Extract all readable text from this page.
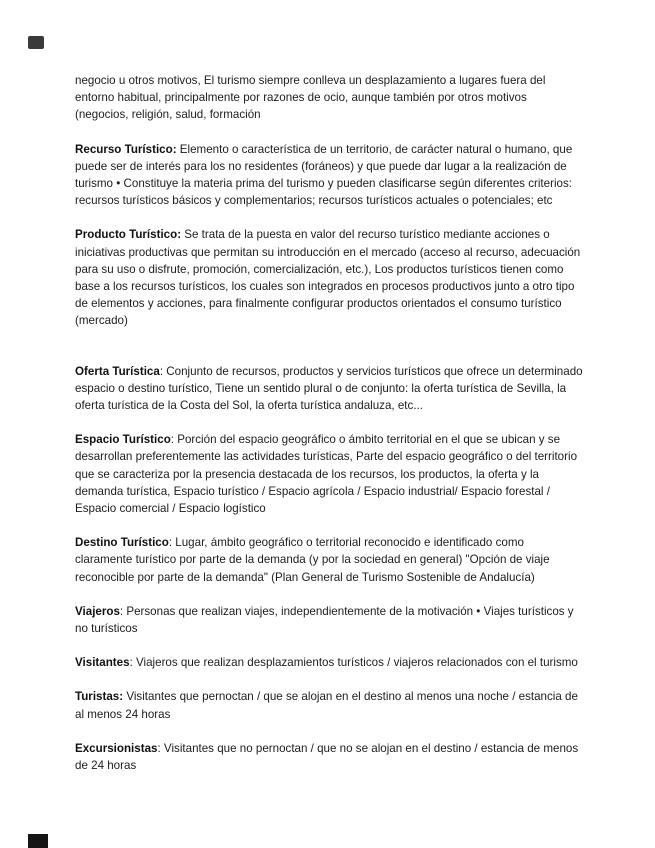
negocio u otros motivos, El turismo siempre conlleva un desplazamiento a lugares fuera del entorno habitual, principalmente por razones de ocio, aunque también por otros motivos (negocios, religión, salud, formación

Recurso Turístico: Elemento o característica de un territorio, de carácter natural o humano, que puede ser de interés para los no residentes (foráneos) y que puede dar lugar a la realización de turismo • Constituye la materia prima del turismo y pueden clasificarse según diferentes criterios: recursos turísticos básicos y complementarios; recursos turísticos actuales o potenciales; etc

Producto Turístico: Se trata de la puesta en valor del recurso turístico mediante acciones o iniciativas productivas que permitan su introducción en el mercado (acceso al recurso, adecuación para su uso o disfrute, promoción, comercialización, etc.), Los productos turísticos tienen como base a los recursos turísticos, los cuales son integrados en procesos productivos junto a otro tipo de elementos y acciones, para finalmente configurar productos orientados el consumo turístico (mercado)

Oferta Turística: Conjunto de recursos, productos y servicios turísticos que ofrece un determinado espacio o destino turístico, Tiene un sentido plural o de conjunto: la oferta turística de Sevilla, la oferta turística de la Costa del Sol, la oferta turística andaluza, etc...

Espacio Turístico: Porción del espacio geográfico o ámbito territorial en el que se ubican y se desarrollan preferentemente las actividades turísticas, Parte del espacio geográfico o del territorio que se caracteriza por la presencia destacada de los recursos, los productos, la oferta y la demanda turística, Espacio turístico / Espacio agrícola / Espacio industrial/ Espacio forestal / Espacio comercial / Espacio logístico

Destino Turístico: Lugar, ámbito geográfico o territorial reconocido e identificado como claramente turístico por parte de la demanda (y por la sociedad en general) "Opción de viaje reconocible por parte de la demanda" (Plan General de Turismo Sostenible de Andalucía)

Viajeros: Personas que realizan viajes, independientemente de la motivación • Viajes turísticos y no turísticos

Visitantes: Viajeros que realizan desplazamientos turísticos / viajeros relacionados con el turismo

Turistas: Visitantes que pernoctan / que se alojan en el destino al menos una noche / estancia de al menos 24 horas

Excursionistas: Visitantes que no pernoctan / que no se alojan en el destino / estancia de menos de 24 horas
